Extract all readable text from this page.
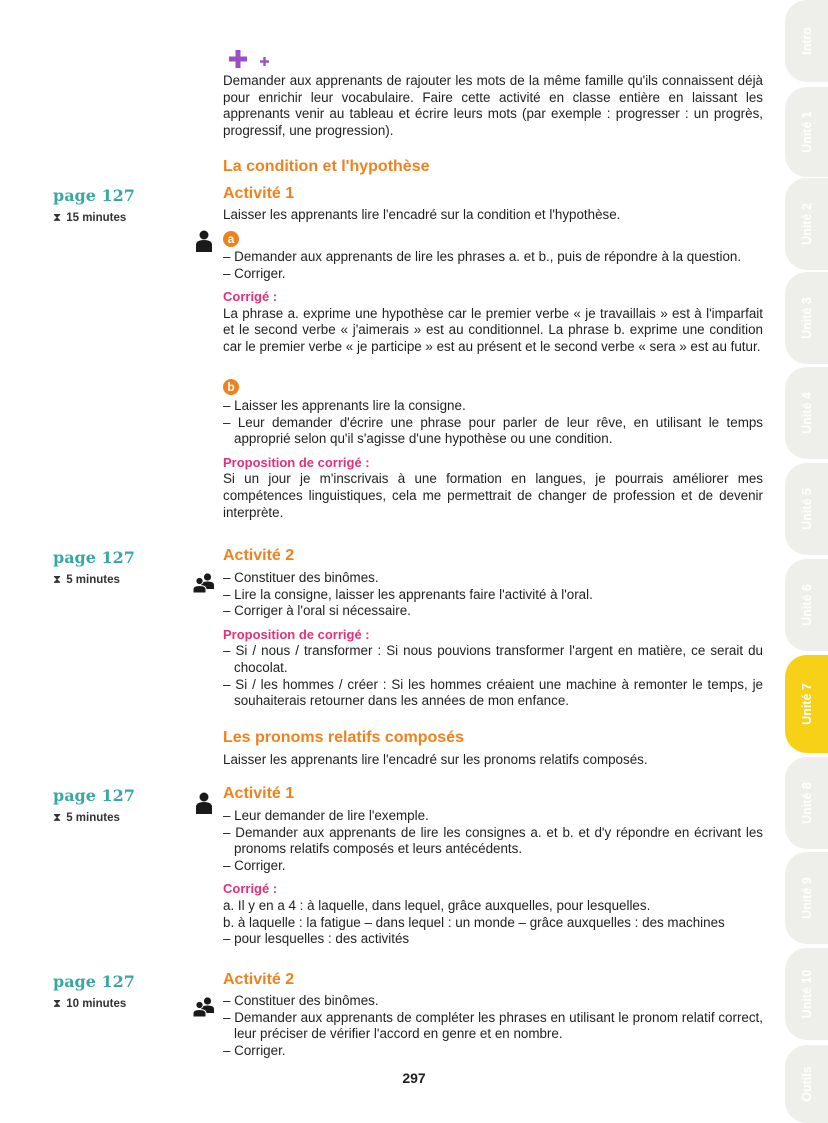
Demander aux apprenants de rajouter les mots de la même famille qu'ils connaissent déjà pour enrichir leur vocabulaire. Faire cette activité en classe entière en laissant les apprenants venir au tableau et écrire leurs mots (par exemple : progresser : un progrès, progressif, une progression).

La condition et l'hypothèse
page 127
⧗ 15 minutes
Activité 1
Laisser les apprenants lire l'encadré sur la condition et l'hypothèse.
a
– Demander aux apprenants de lire les phrases a. et b., puis de répondre à la question.
– Corriger.
Corrigé :

La phrase a. exprime une hypothèse car le premier verbe « je travaillais » est à l'imparfait et le second verbe « j'aimerais » est au conditionnel. La phrase b. exprime une condition car le premier verbe « je participe » est au présent et le second verbe « sera » est au futur.

b
– Laisser les apprenants lire la consigne.
– Leur demander d'écrire une phrase pour parler de leur rêve, en utilisant le temps approprié selon qu'il s'agisse d'une hypothèse ou une condition.
Proposition de corrigé :

Si un jour je m'inscrivais à une formation en langues, je pourrais améliorer mes compétences linguistiques, cela me permettrait de changer de profession et de devenir interprète.

page 127
⧗ 5 minutes
Activité 2
– Constituer des binômes.
– Lire la consigne, laisser les apprenants faire l'activité à l'oral.
– Corriger à l'oral si nécessaire.
Proposition de corrigé :
– Si / nous / transformer : Si nous pouvions transformer l'argent en matière, ce serait du chocolat.
– Si / les hommes / créer : Si les hommes créaient une machine à remonter le temps, je souhaiterais retourner dans les années de mon enfance.
Les pronoms relatifs composés
Laisser les apprenants lire l'encadré sur les pronoms relatifs composés.
page 127
⧗ 5 minutes
Activité 1
– Leur demander de lire l'exemple.
– Demander aux apprenants de lire les consignes a. et b. et d'y répondre en écrivant les pronoms relatifs composés et leurs antécédents.
– Corriger.
Corrigé :
a. Il y en a 4 : à laquelle, dans lequel, grâce auxquelles, pour lesquelles.
b. à laquelle : la fatigue – dans lequel : un monde – grâce auxquelles : des machines
– pour lesquelles : des activités
page 127
⧗ 10 minutes
Activité 2
– Constituer des binômes.
– Demander aux apprenants de compléter les phrases en utilisant le pronom relatif correct, leur préciser de vérifier l'accord en genre et en nombre.
– Corriger.
297
Intro
Unité 1
Unité 2
Unité 3
Unité 4
Unité 5
Unité 6
Unité 7
Unité 8
Unité 9
Unité 10
Outils
